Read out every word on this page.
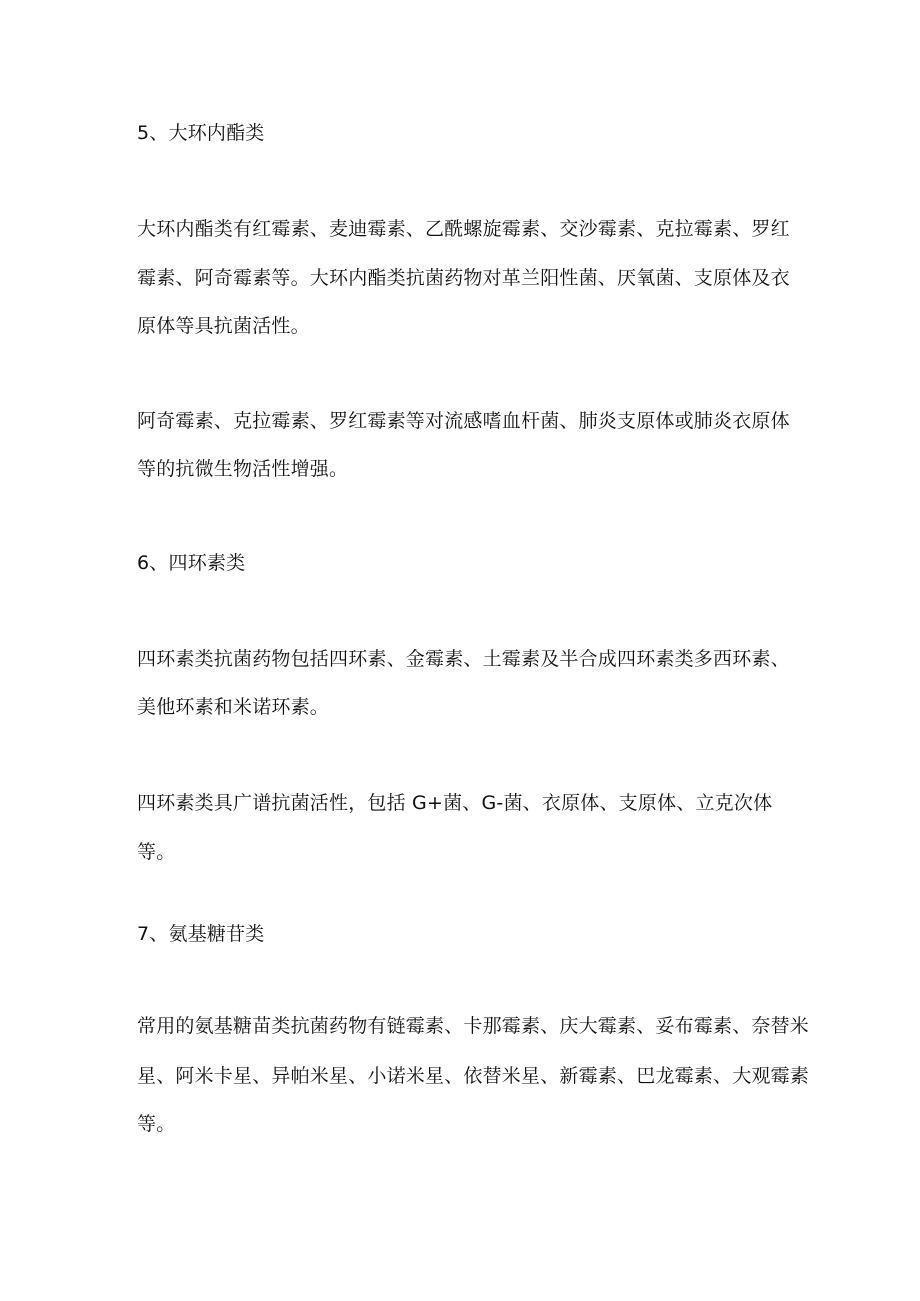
5、大环内酯类
大环内酯类有红霉素、麦迪霉素、乙酰螺旋霉素、交沙霉素、克拉霉素、罗红
霉素、阿奇霉素等。大环内酯类抗菌药物对革兰阳性菌、厌氧菌、支原体及衣
原体等具抗菌活性。
阿奇霉素、克拉霉素、罗红霉素等对流感嗜血杆菌、肺炎支原体或肺炎衣原体
等的抗微生物活性增强。
6、四环素类
四环素类抗菌药物包括四环素、金霉素、土霉素及半合成四环素类多西环素、
美他环素和米诺环素。
四环素类具广谱抗菌活性，包括 G+菌、G-菌、衣原体、支原体、立克次体
等。
7、氨基糖苷类
常用的氨基糖苗类抗菌药物有链霉素、卡那霉素、庆大霉素、妥布霉素、奈替米
星、阿米卡星、异帕米星、小诺米星、依替米星、新霉素、巴龙霉素、大观霉素
等。
